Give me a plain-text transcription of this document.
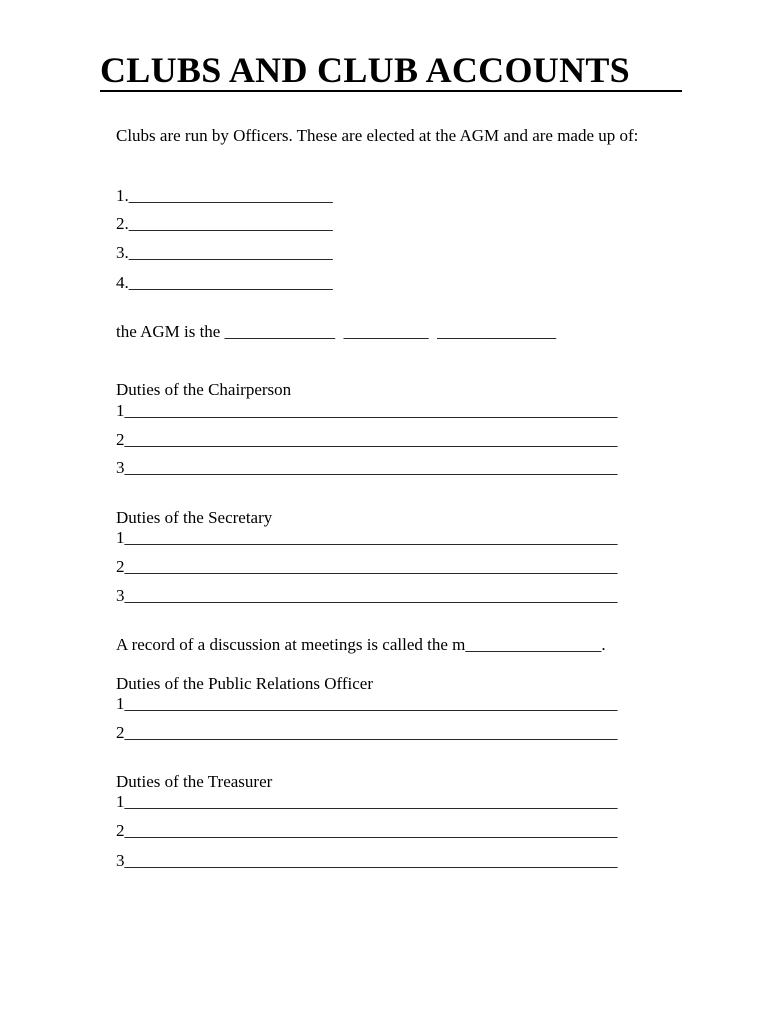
CLUBS AND CLUB ACCOUNTS
Clubs are run by Officers. These are elected at the AGM and are made up of:
1.________________________
2.________________________
3.________________________
4.________________________
the AGM is the _____________  __________  ______________
Duties of the Chairperson
1__________________________________________________________
2__________________________________________________________
3__________________________________________________________
Duties of the Secretary
1__________________________________________________________
2__________________________________________________________
3__________________________________________________________
A record of a discussion at meetings is called the m________________.
Duties of the Public Relations Officer
1__________________________________________________________
2__________________________________________________________
Duties of the Treasurer
1__________________________________________________________
2__________________________________________________________
3__________________________________________________________
